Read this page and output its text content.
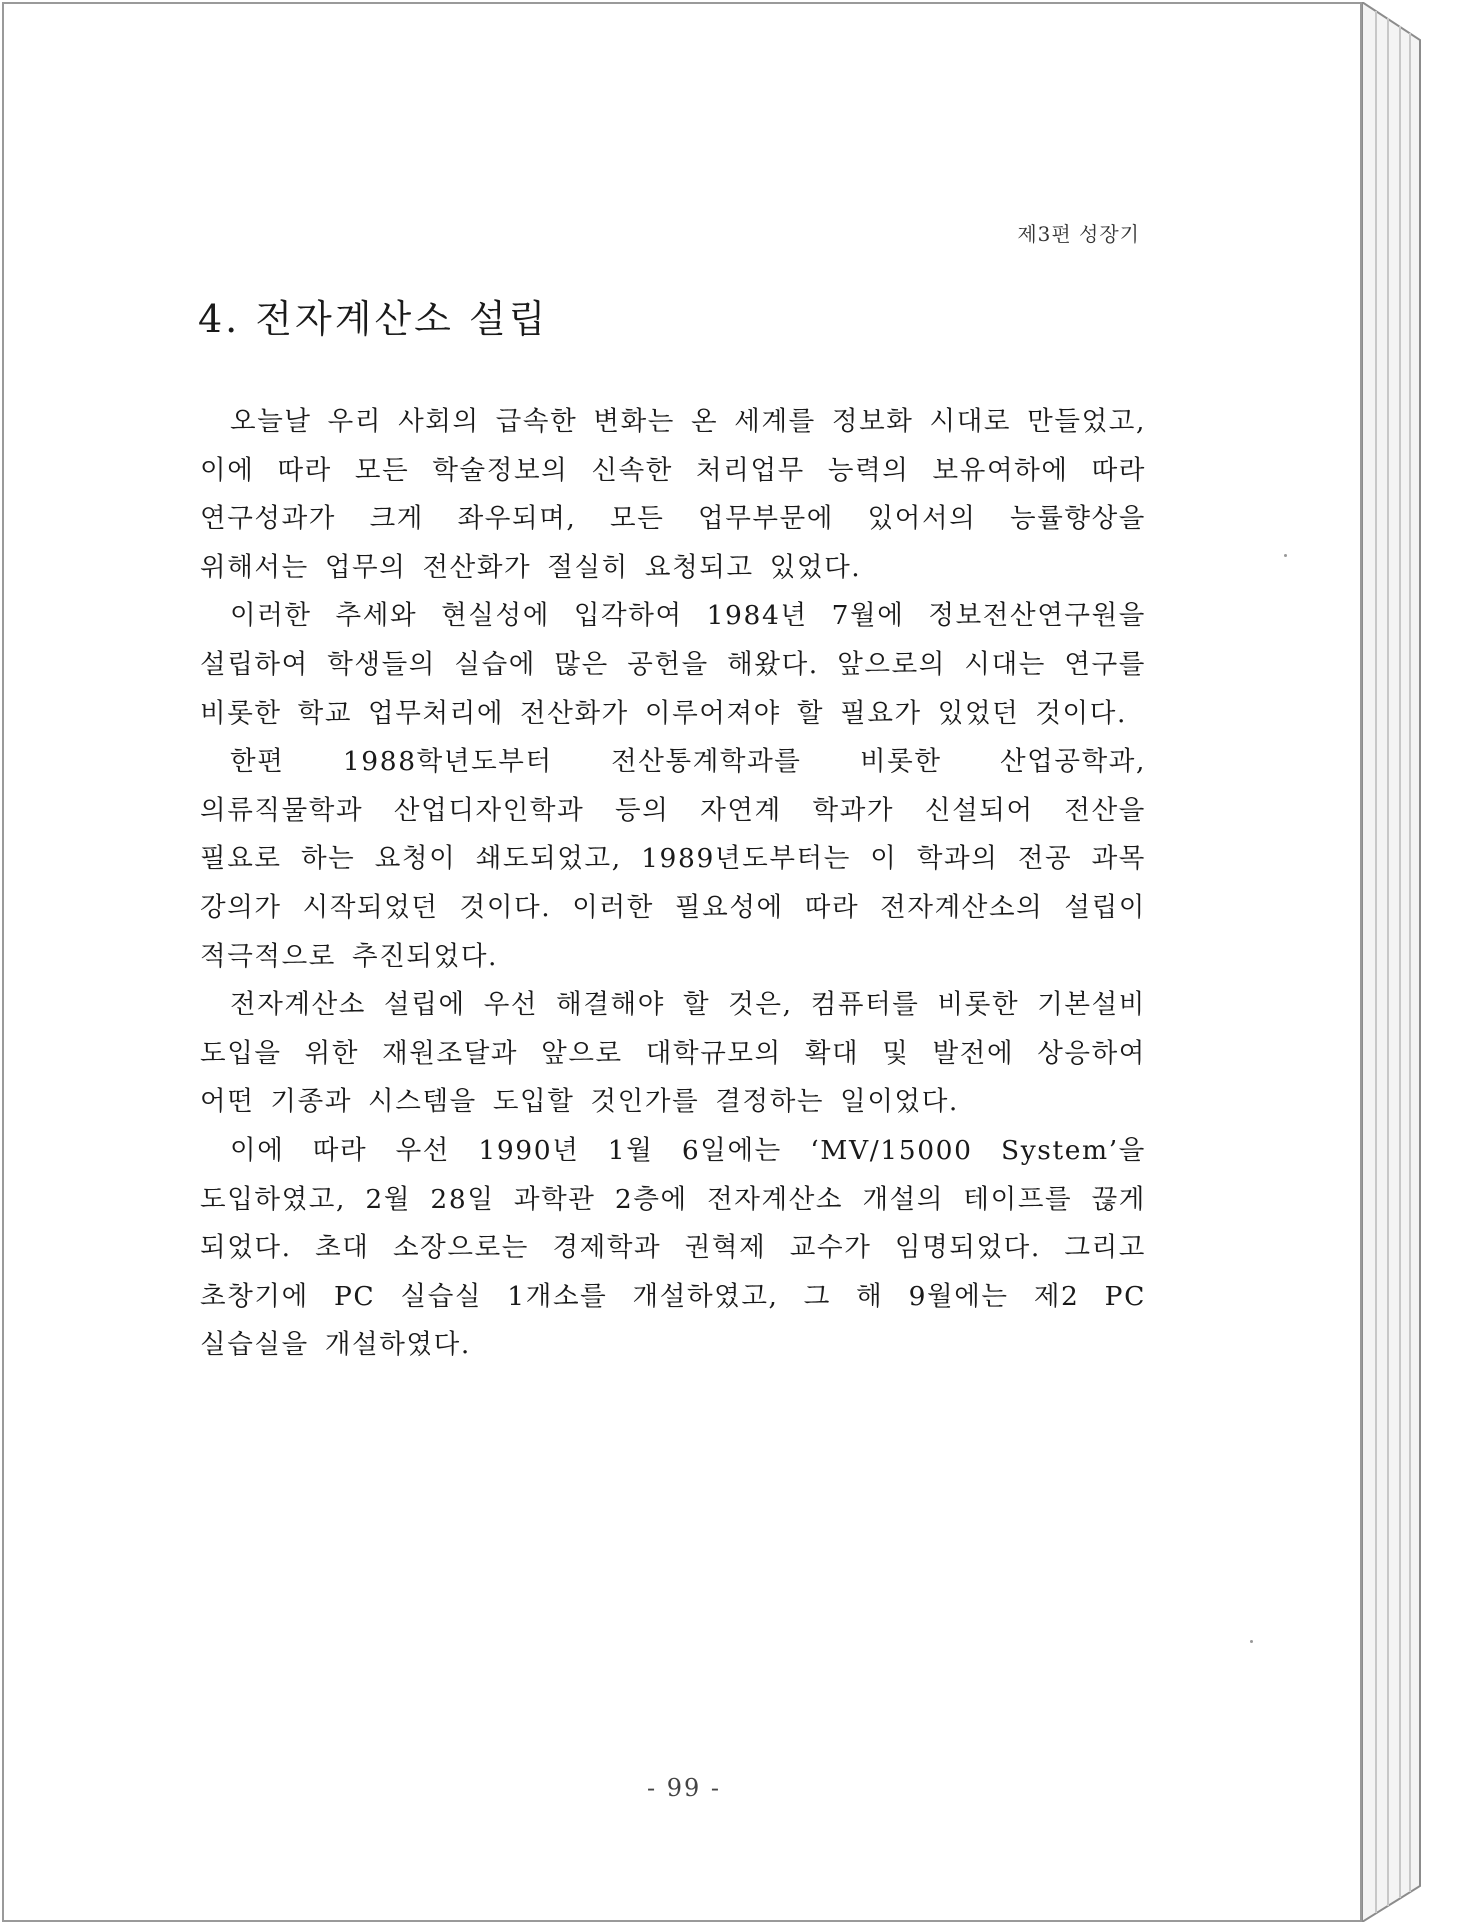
제3편 성장기
4. 전자계산소 설립

오늘날 우리 사회의 급속한 변화는 온 세계를 정보화 시대로 만들었고, 이에 따라 모든 학술정보의 신속한 처리업무 능력의 보유여하에 따라 연구성과가 크게 좌우되며, 모든 업무부문에 있어서의 능률향상을 위해서는 업무의 전산화가 절실히 요청되고 있었다.

이러한 추세와 현실성에 입각하여 1984년 7월에 정보전산연구원을 설립하여 학생들의 실습에 많은 공헌을 해왔다. 앞으로의 시대는 연구를 비롯한 학교 업무처리에 전산화가 이루어져야 할 필요가 있었던 것이다.

한편 1988학년도부터 전산통계학과를 비롯한 산업공학과, 의류직물학과 산업디자인학과 등의 자연계 학과가 신설되어 전산을 필요로 하는 요청이 쇄도되었고, 1989년도부터는 이 학과의 전공 과목 강의가 시작되었던 것이다. 이러한 필요성에 따라 전자계산소의 설립이 적극적으로 추진되었다.

전자계산소 설립에 우선 해결해야 할 것은, 컴퓨터를 비롯한 기본설비 도입을 위한 재원조달과 앞으로 대학규모의 확대 및 발전에 상응하여 어떤 기종과 시스템을 도입할 것인가를 결정하는 일이었다.

이에 따라 우선 1990년 1월 6일에는 ‘MV/15000 System’을 도입하였고, 2월 28일 과학관 2층에 전자계산소 개설의 테이프를 끊게 되었다. 초대 소장으로는 경제학과 권혁제 교수가 임명되었다. 그리고 초창기에 PC 실습실 1개소를 개설하였고, 그 해 9월에는 제2 PC 실습실을 개설하였다.

- 99 -
